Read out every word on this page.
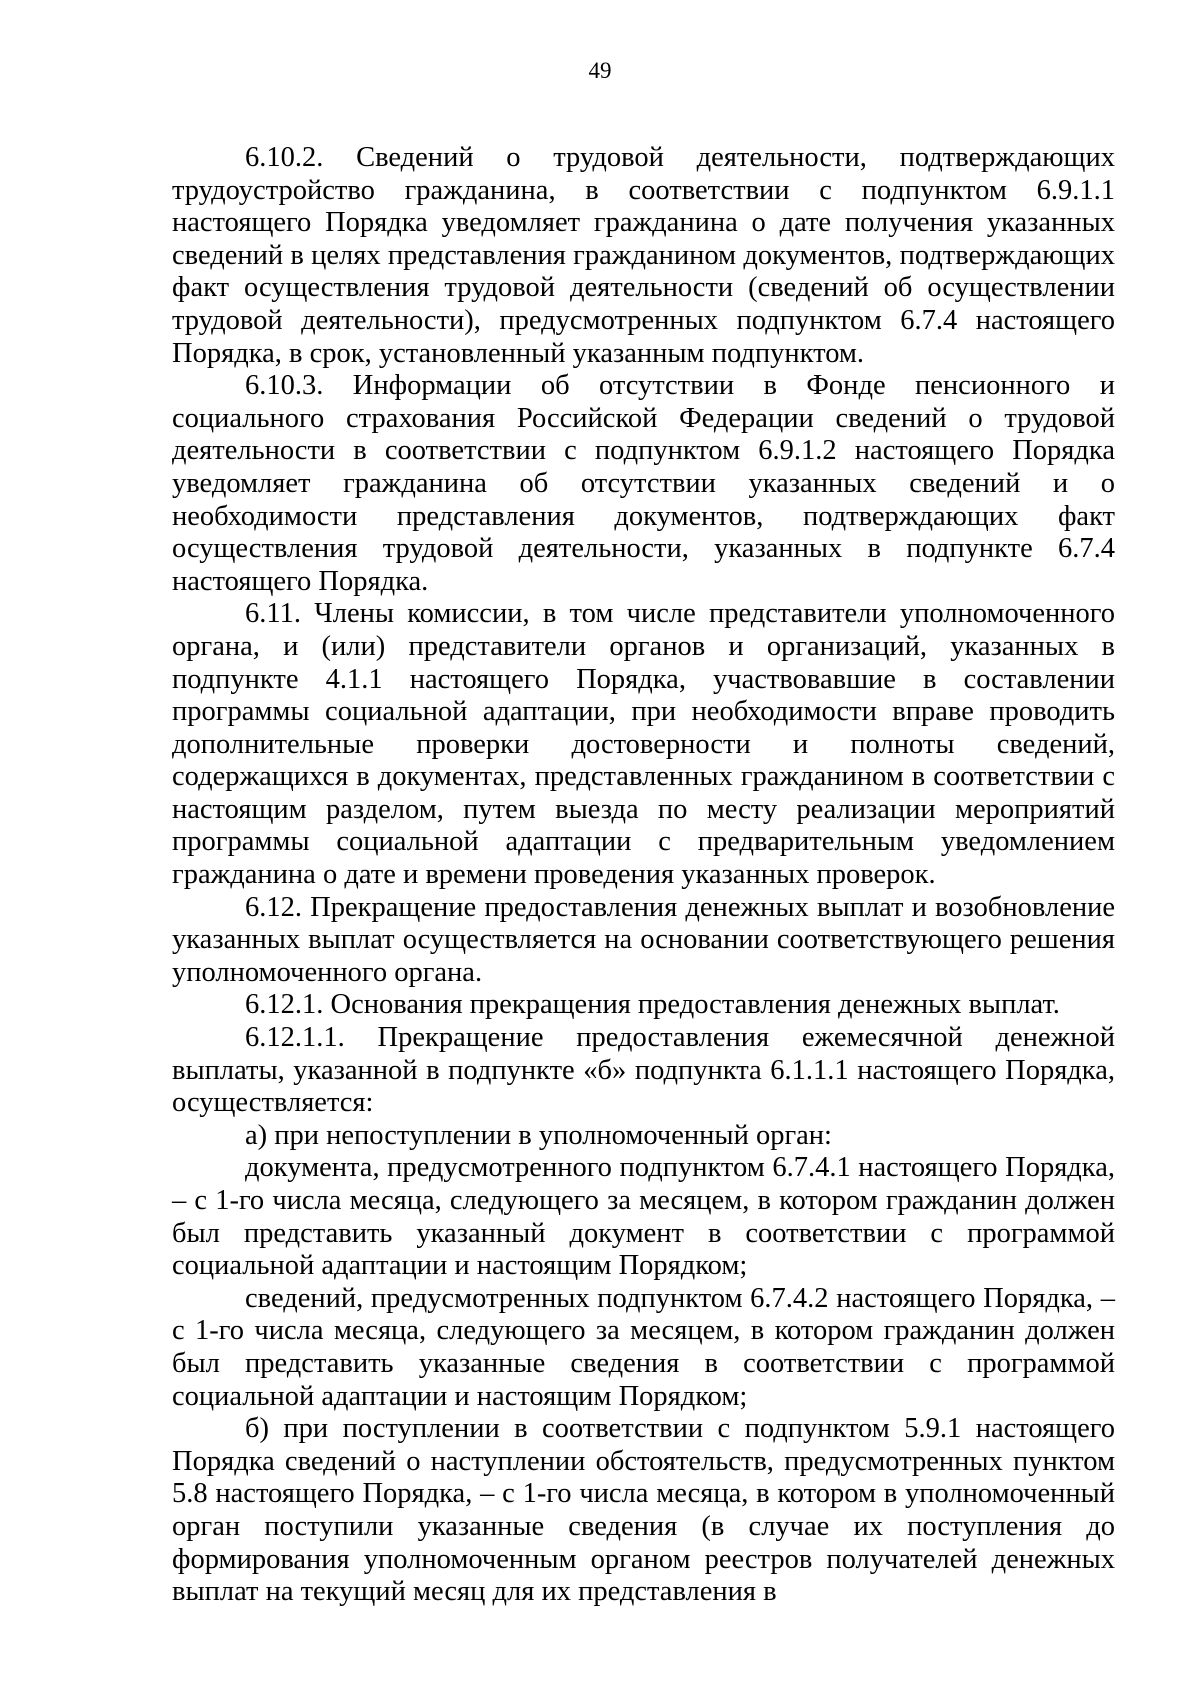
49

6.10.2. Сведений о трудовой деятельности, подтверждающих трудоустройство гражданина, в соответствии с подпунктом 6.9.1.1 настоящего Порядка уведомляет гражданина о дате получения указанных сведений в целях представления гражданином документов, подтверждающих факт осуществления трудовой деятельности (сведений об осуществлении трудовой деятельности), предусмотренных подпунктом 6.7.4 настоящего Порядка, в срок, установленный указанным подпунктом.

6.10.3. Информации об отсутствии в Фонде пенсионного и социального страхования Российской Федерации сведений о трудовой деятельности в соответствии с подпунктом 6.9.1.2 настоящего Порядка уведомляет гражданина об отсутствии указанных сведений и о необходимости представления документов, подтверждающих факт осуществления трудовой деятельности, указанных в подпункте 6.7.4 настоящего Порядка.

6.11. Члены комиссии, в том числе представители уполномоченного органа, и (или) представители органов и организаций, указанных в подпункте 4.1.1 настоящего Порядка, участвовавшие в составлении программы социальной адаптации, при необходимости вправе проводить дополнительные проверки достоверности и полноты сведений, содержащихся в документах, представленных гражданином в соответствии с настоящим разделом, путем выезда по месту реализации мероприятий программы социальной адаптации с предварительным уведомлением гражданина о дате и времени проведения указанных проверок.

6.12. Прекращение предоставления денежных выплат и возобновление указанных выплат осуществляется на основании соответствующего решения уполномоченного органа.

6.12.1. Основания прекращения предоставления денежных выплат.

6.12.1.1. Прекращение предоставления ежемесячной денежной выплаты, указанной в подпункте «б» подпункта 6.1.1.1 настоящего Порядка, осуществляется:

а) при непоступлении в уполномоченный орган:

документа, предусмотренного подпунктом 6.7.4.1 настоящего Порядка, – с 1-го числа месяца, следующего за месяцем, в котором гражданин должен был представить указанный документ в соответствии с программой социальной адаптации и настоящим Порядком;

сведений, предусмотренных подпунктом 6.7.4.2 настоящего Порядка, – с 1-го числа месяца, следующего за месяцем, в котором гражданин должен был представить указанные сведения в соответствии с программой социальной адаптации и настоящим Порядком;

б) при поступлении в соответствии с подпунктом 5.9.1 настоящего Порядка сведений о наступлении обстоятельств, предусмотренных пунктом 5.8 настоящего Порядка, – с 1-го числа месяца, в котором в уполномоченный орган поступили указанные сведения (в случае их поступления до формирования уполномоченным органом реестров получателей денежных выплат на текущий месяц для их представления в
